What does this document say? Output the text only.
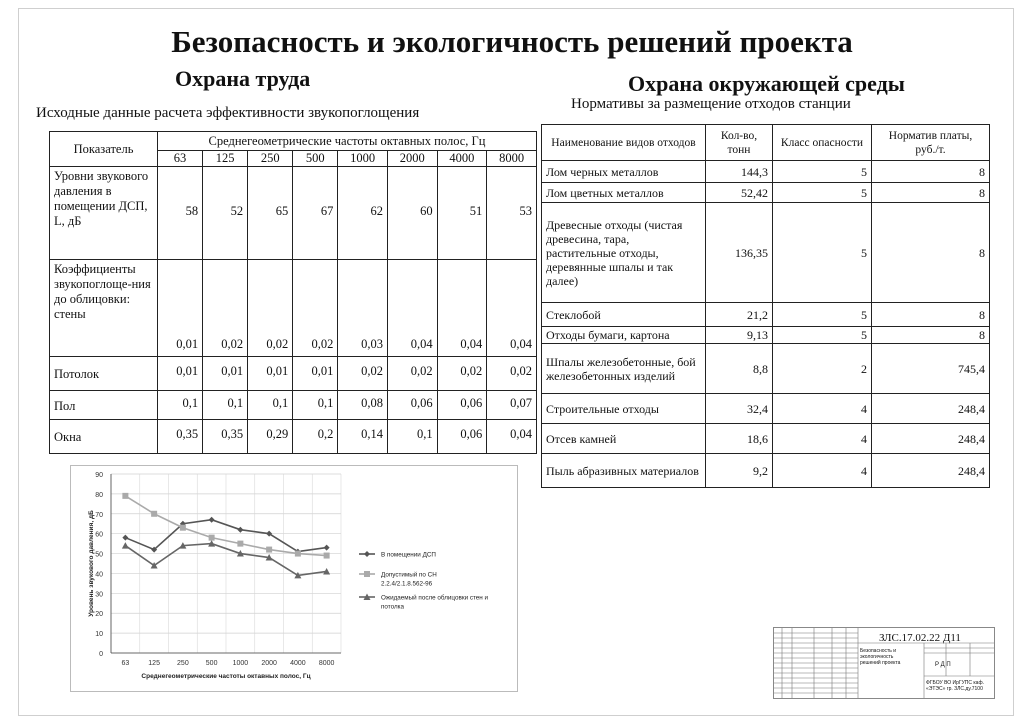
Безопасность и экологичность решений проекта
Охрана труда	Охрана окружающей среды
Исходные данные расчета эффективности звукопоглощения
Нормативы за размещение отходов станции
Показатель	Среднегеометрические частоты октавных полос, Гц							
	63	125	250	500	1000	2000	4000	8000
Уровни звукового давления в помещении ДСП, L, дБ	58	52	65	67	62	60	51	53
Коэффициенты звукопоглоще-ния до облицовки: стены	0,01	0,02	0,02	0,02	0,03	0,04	0,04	0,04
Потолок	0,01	0,01	0,01	0,01	0,02	0,02	0,02	0,02
Пол	0,1	0,1	0,1	0,1	0,08	0,06	0,06	0,07
Окна	0,35	0,35	0,29	0,2	0,14	0,1	0,06	0,04
Наименование видов отходов	Кол-во, тонн	Класс опасности	Норматив платы, руб./т.
Лом черных металлов	144,3	5	8
Лом цветных металлов	52,42	5	8
Древесные отходы (чистая древесина, тара, растительные отходы, деревянные шпалы и так далее)	136,35	5	8
Стеклобой	21,2	5	8
Отходы бумаги, картона	9,13	5	8
Шпалы железобетонные, бой железобетонных изделий	8,8	2	745,4
Строительные отходы	32,4	4	248,4
Отсев камней	18,6	4	248,4
Пыль абразивных материалов	9,2	4	248,4
0
10
20
30
40
50
60
70
80
90
63	125 250 500 1000 2000 4000 8000
Среднегеометрические частоты октавных полос, Гц
Уровень звукового давления, дБ	В помещении ДСП
Допустимый по СН
2.2.4/2.1.8.562-96
Ожидаемый после облицовки стен и
потолка
ЗЛС.17.02.22 Д11
Безопасность и экологичность решений проекта	Р Д П
ФГБОУ ВО ИрГУПС каф. «ЭТЭС» гр. ЗЛС.ду.7100
